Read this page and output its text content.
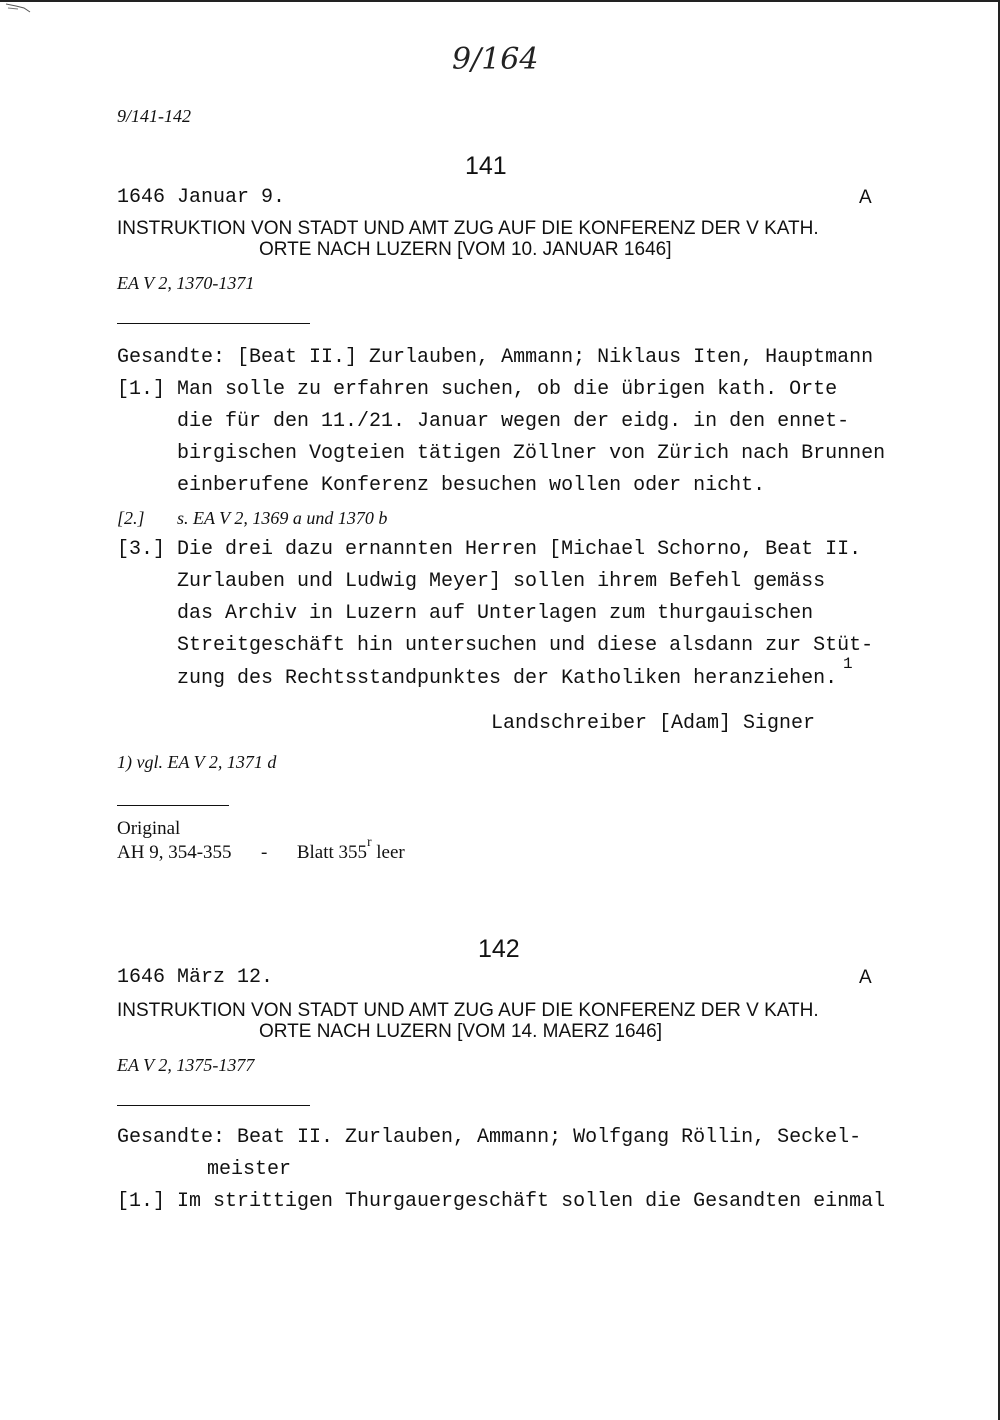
9/164
9/141-142
141
1646 Januar 9.	A
INSTRUKTION VON STADT UND AMT ZUG AUF DIE KONFERENZ DER V KATH.
ORTE NACH LUZERN [VOM 10. JANUAR 1646]
EA V 2, 1370-1371
Gesandte: [Beat II.] Zurlauben, Ammann; Niklaus Iten, Hauptmann
[1.] Man solle zu erfahren suchen, ob die übrigen kath. Orte
die für den 11./21. Januar wegen der eidg. in den ennet-
birgischen Vogteien tätigen Zöllner von Zürich nach Brunnen
einberufene Konferenz besuchen wollen oder nicht.
[2.] s. EA V 2, 1369 a und 1370 b
[3.] Die drei dazu ernannten Herren [Michael Schorno, Beat II.
Zurlauben und Ludwig Meyer] sollen ihrem Befehl gemäss
das Archiv in Luzern auf Unterlagen zum thurgauischen
Streitgeschäft hin untersuchen und diese alsdann zur Stüt-
zung des Rechtsstandpunktes der Katholiken heranziehen.
1
Landschreiber [Adam] Signer
1) vgl. EA V 2, 1371 d
Original
AH 9, 354-355 - Blatt 355$^r$ leer
142
1646 März 12.	A
INSTRUKTION VON STADT UND AMT ZUG AUF DIE KONFERENZ DER V KATH.
ORTE NACH LUZERN [VOM 14. MAERZ 1646]
EA V 2, 1375-1377
Gesandte: Beat II. Zurlauben, Ammann; Wolfgang Röllin, Seckel-
meister
[1.] Im strittigen Thurgauergeschäft sollen die Gesandten einmal
